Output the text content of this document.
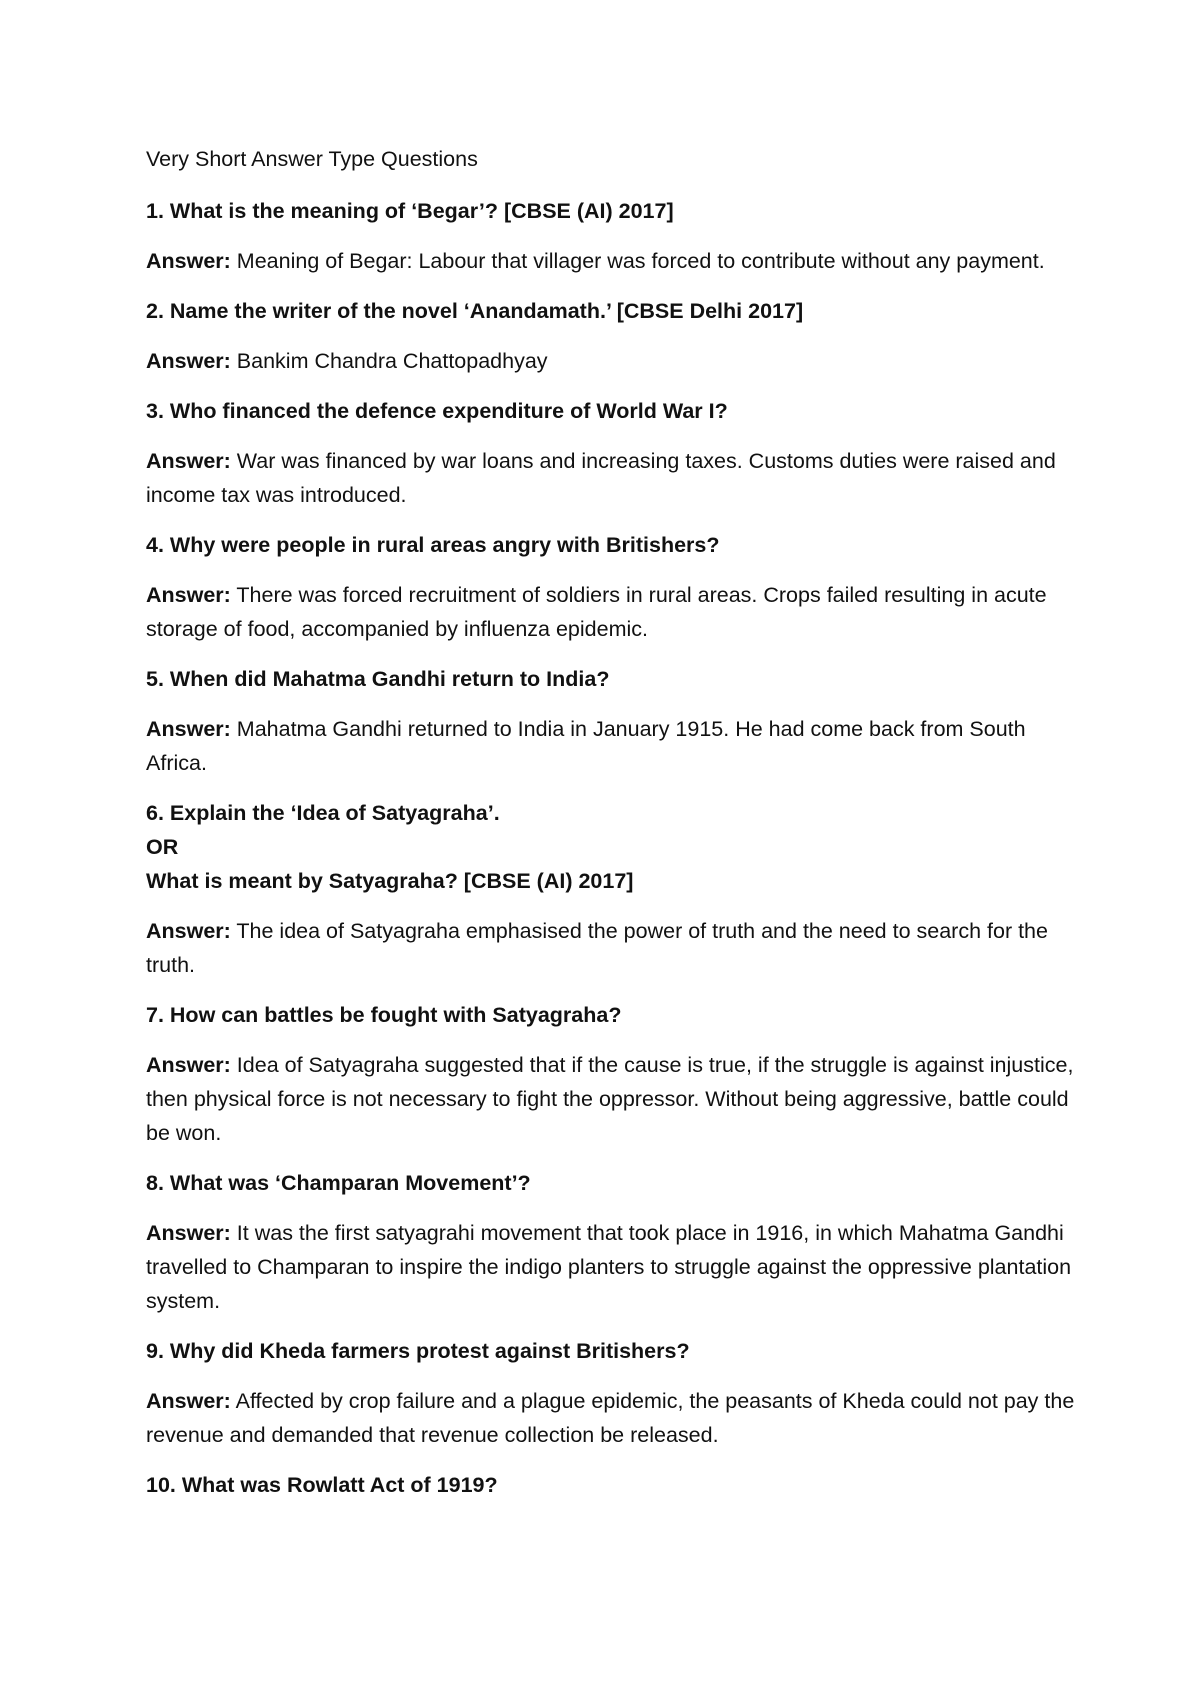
Very Short Answer Type Questions

1. What is the meaning of ‘Begar’? [CBSE (AI) 2017]

Answer: Meaning of Begar: Labour that villager was forced to contribute without any payment.

2. Name the writer of the novel ‘Anandamath.’ [CBSE Delhi 2017]

Answer: Bankim Chandra Chattopadhyay

3. Who financed the defence expenditure of World War I?

Answer: War was financed by war loans and increasing taxes. Customs duties were raised and income tax was introduced.

4. Why were people in rural areas angry with Britishers?

Answer: There was forced recruitment of soldiers in rural areas. Crops failed resulting in acute storage of food, accompanied by influenza epidemic.

5. When did Mahatma Gandhi return to India?

Answer: Mahatma Gandhi returned to India in January 1915. He had come back from South Africa.

6. Explain the ‘Idea of Satyagraha’.
OR
What is meant by Satyagraha? [CBSE (AI) 2017]

Answer: The idea of Satyagraha emphasised the power of truth and the need to search for the truth.

7. How can battles be fought with Satyagraha?

Answer: Idea of Satyagraha suggested that if the cause is true, if the struggle is against injustice, then physical force is not necessary to fight the oppressor. Without being aggressive, battle could be won.

8. What was ‘Champaran Movement’?

Answer: It was the first satyagrahi movement that took place in 1916, in which Mahatma Gandhi travelled to Champaran to inspire the indigo planters to struggle against the oppressive plantation system.

9. Why did Kheda farmers protest against Britishers?

Answer: Affected by crop failure and a plague epidemic, the peasants of Kheda could not pay the revenue and demanded that revenue collection be released.

10. What was Rowlatt Act of 1919?
